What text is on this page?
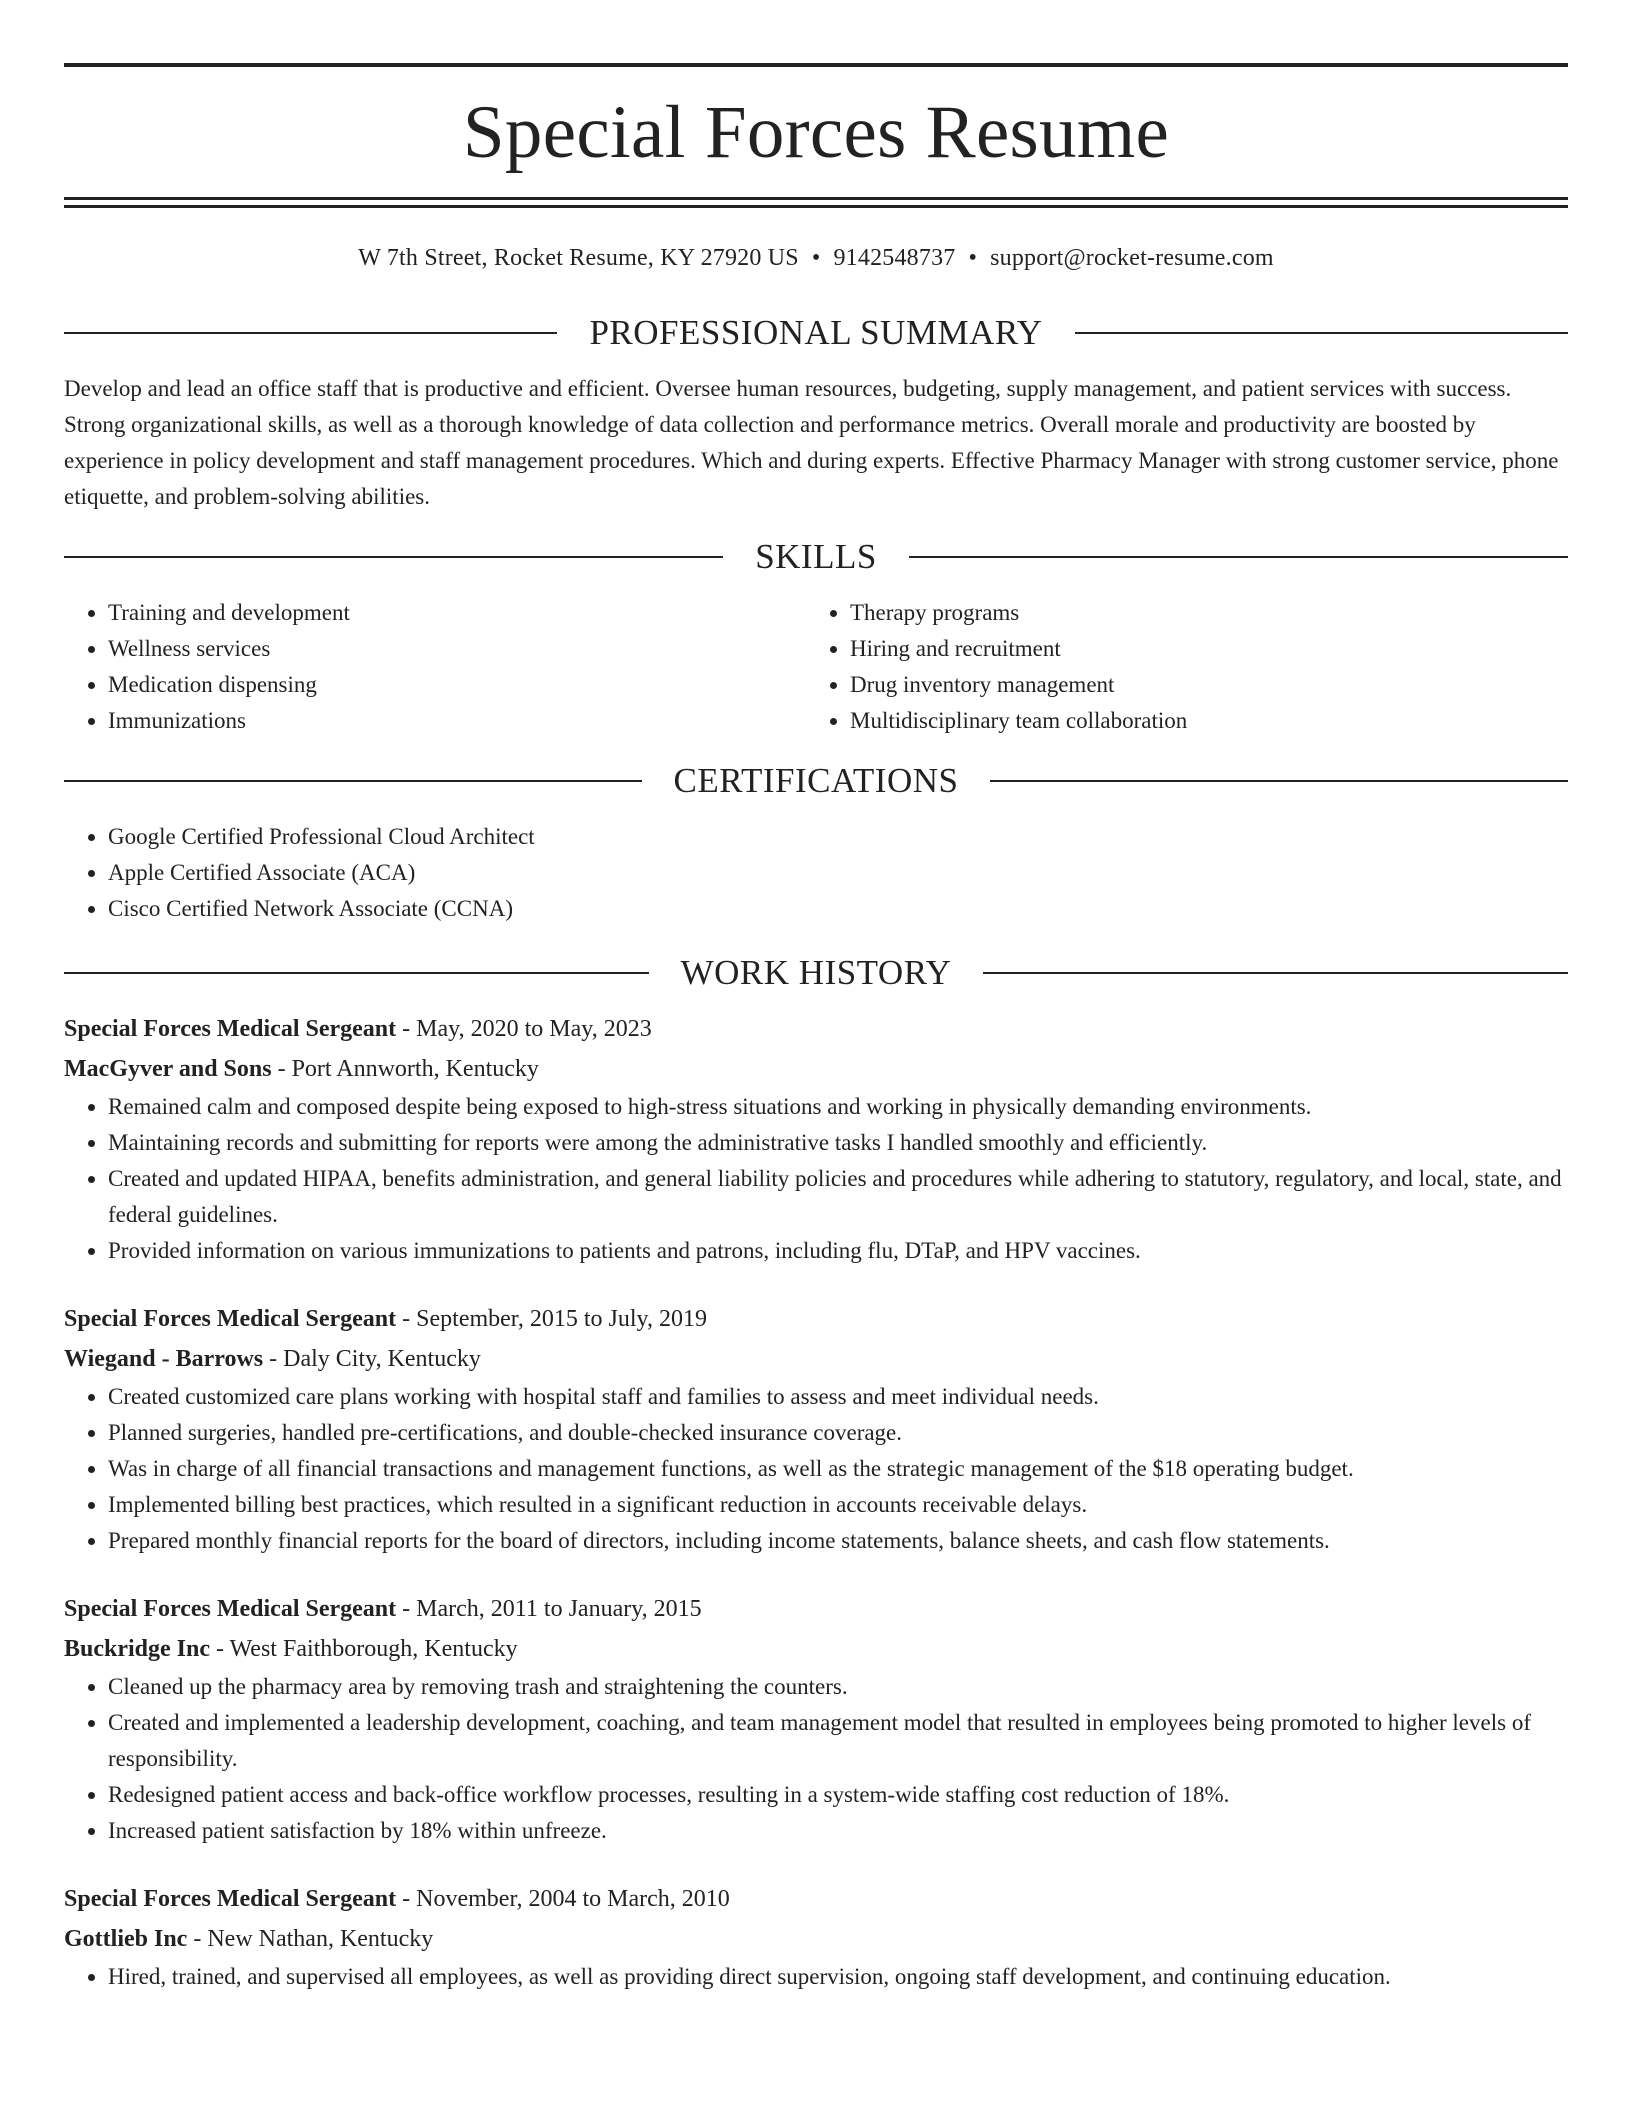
Special Forces Resume
W 7th Street, Rocket Resume, KY 27920 US • 9142548737 • support@rocket-resume.com
PROFESSIONAL SUMMARY

Develop and lead an office staff that is productive and efficient. Oversee human resources, budgeting, supply management, and patient services with success. Strong organizational skills, as well as a thorough knowledge of data collection and performance metrics. Overall morale and productivity are boosted by experience in policy development and staff management procedures. Which and during experts. Effective Pharmacy Manager with strong customer service, phone etiquette, and problem-solving abilities.

SKILLS
• Training and development
• Wellness services
• Medication dispensing
• Immunizations
• Therapy programs
• Hiring and recruitment
• Drug inventory management
• Multidisciplinary team collaboration
CERTIFICATIONS
• Google Certified Professional Cloud Architect
• Apple Certified Associate (ACA)
• Cisco Certified Network Associate (CCNA)
WORK HISTORY
Special Forces Medical Sergeant - May, 2020 to May, 2023
MacGyver and Sons - Port Annworth, Kentucky
• Remained calm and composed despite being exposed to high-stress situations and working in physically demanding environments.
• Maintaining records and submitting for reports were among the administrative tasks I handled smoothly and efficiently.
• Created and updated HIPAA, benefits administration, and general liability policies and procedures while adhering to statutory, regulatory, and local, state, and federal guidelines.
• Provided information on various immunizations to patients and patrons, including flu, DTaP, and HPV vaccines.
Special Forces Medical Sergeant - September, 2015 to July, 2019
Wiegand - Barrows - Daly City, Kentucky
• Created customized care plans working with hospital staff and families to assess and meet individual needs.
• Planned surgeries, handled pre-certifications, and double-checked insurance coverage.
• Was in charge of all financial transactions and management functions, as well as the strategic management of the $18 operating budget.
• Implemented billing best practices, which resulted in a significant reduction in accounts receivable delays.
• Prepared monthly financial reports for the board of directors, including income statements, balance sheets, and cash flow statements.
Special Forces Medical Sergeant - March, 2011 to January, 2015
Buckridge Inc - West Faithborough, Kentucky
• Cleaned up the pharmacy area by removing trash and straightening the counters.
• Created and implemented a leadership development, coaching, and team management model that resulted in employees being promoted to higher levels of responsibility.
• Redesigned patient access and back-office workflow processes, resulting in a system-wide staffing cost reduction of 18%.
• Increased patient satisfaction by 18% within unfreeze.
Special Forces Medical Sergeant - November, 2004 to March, 2010
Gottlieb Inc - New Nathan, Kentucky
• Hired, trained, and supervised all employees, as well as providing direct supervision, ongoing staff development, and continuing education.
